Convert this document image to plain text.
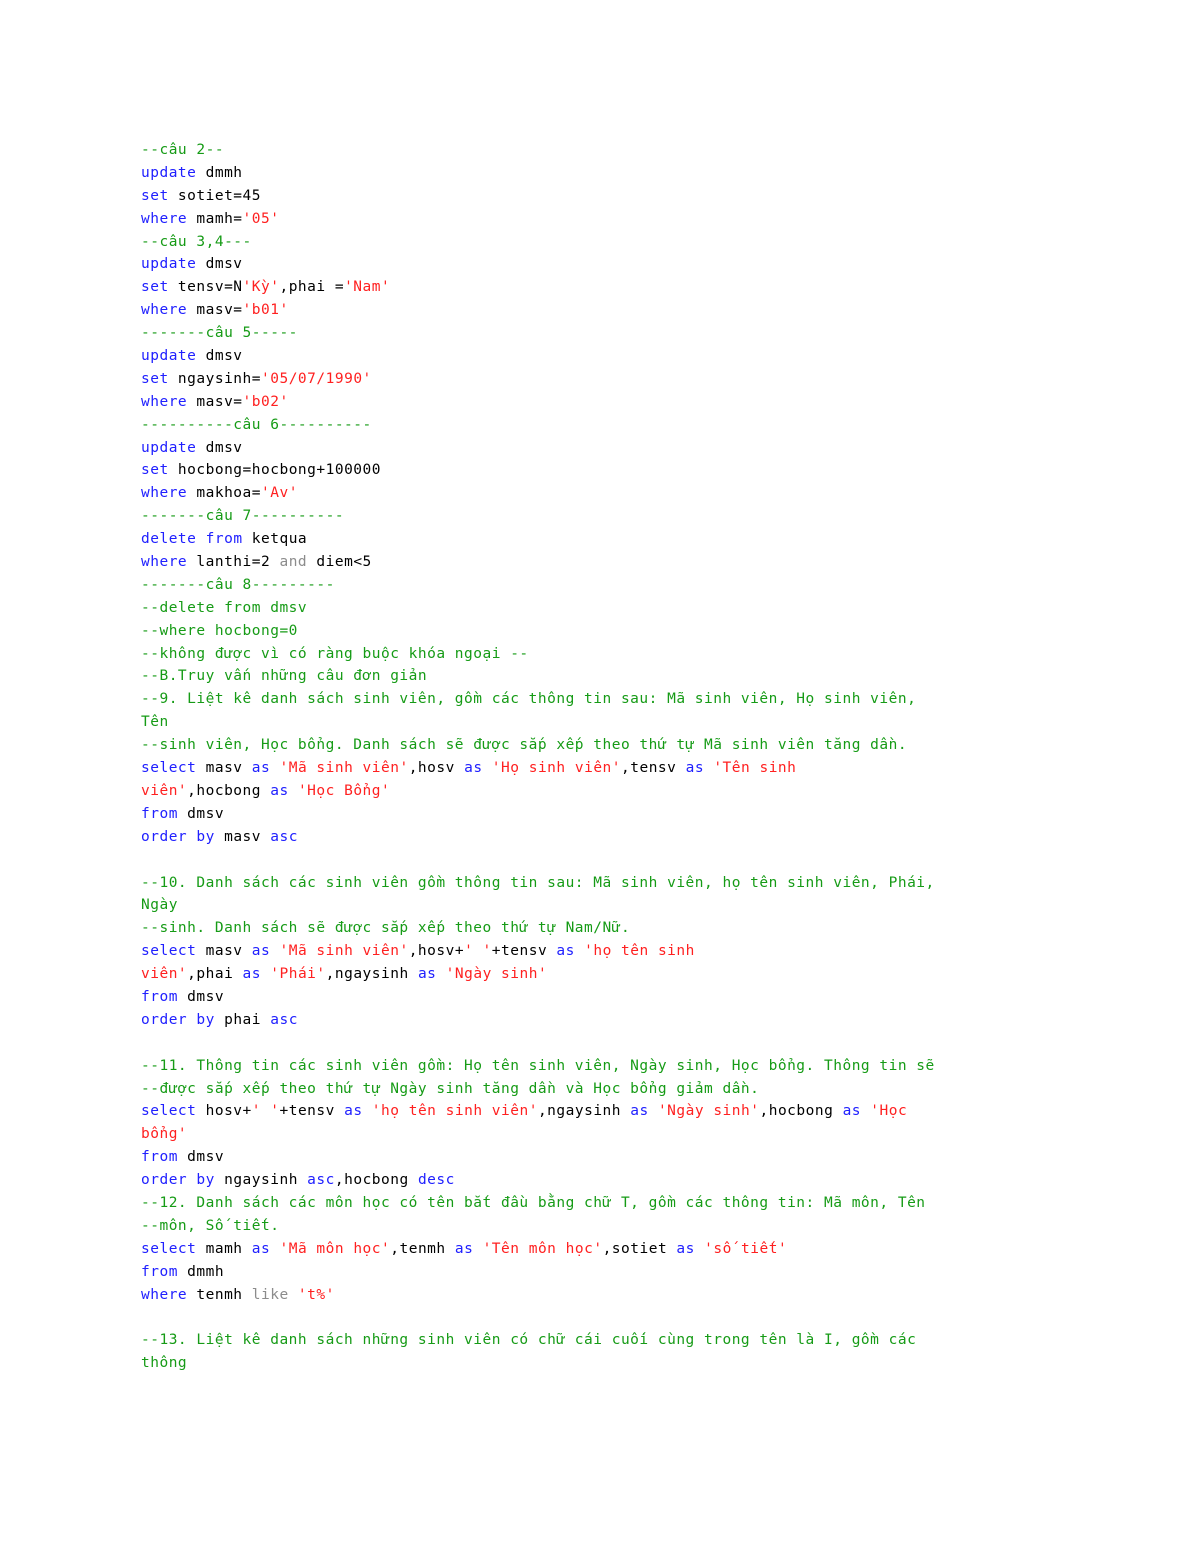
--câu 2--
update dmmh
set sotiet=45
where mamh='05'
--câu 3,4---
update dmsv
set tensv=N'Kỳ',phai ='Nam'
where masv='b01'
-------câu 5-----
update dmsv
set ngaysinh='05/07/1990'
where masv='b02'
----------câu 6----------
update dmsv
set hocbong=hocbong+100000
where makhoa='Av'
-------câu 7----------
delete from ketqua
where lanthi=2 and diem<5
-------câu 8---------
--delete from dmsv
--where hocbong=0
--không được vì có ràng buộc khóa ngoại --
--B.Truy vấn những câu đơn giản
--9. Liệt kê danh sách sinh viên, gồm các thông tin sau: Mã sinh viên, Họ sinh viên,
Tên
--sinh viên, Học bổng. Danh sách sẽ được sắp xếp theo thứ tự Mã sinh viên tăng dần.
select masv as 'Mã sinh viên',hosv as 'Họ sinh viên',tensv as 'Tên sinh
viên',hocbong as 'Học Bổng'
from dmsv
order by masv asc
--10. Danh sách các sinh viên gồm thông tin sau: Mã sinh viên, họ tên sinh viên, Phái,
Ngày
--sinh. Danh sách sẽ được sắp xếp theo thứ tự Nam/Nữ.
select masv as 'Mã sinh viên',hosv+' '+tensv as 'họ tên sinh
viên',phai as 'Phái',ngaysinh as 'Ngày sinh'
from dmsv
order by phai asc
--11. Thông tin các sinh viên gồm: Họ tên sinh viên, Ngày sinh, Học bổng. Thông tin sẽ
--được sắp xếp theo thứ tự Ngày sinh tăng dần và Học bổng giảm dần.
select hosv+' '+tensv as 'họ tên sinh viên',ngaysinh as 'Ngày sinh',hocbong as 'Học
bổng'
from dmsv
order by ngaysinh asc,hocbong desc
--12. Danh sách các môn học có tên bắt đầu bằng chữ T, gồm các thông tin: Mã môn, Tên
--môn, Số tiết.
select mamh as 'Mã môn học',tenmh as 'Tên môn học',sotiet as 'số tiết'
from dmmh
where tenmh like 't%'
--13. Liệt kê danh sách những sinh viên có chữ cái cuối cùng trong tên là I, gồm các
thông
